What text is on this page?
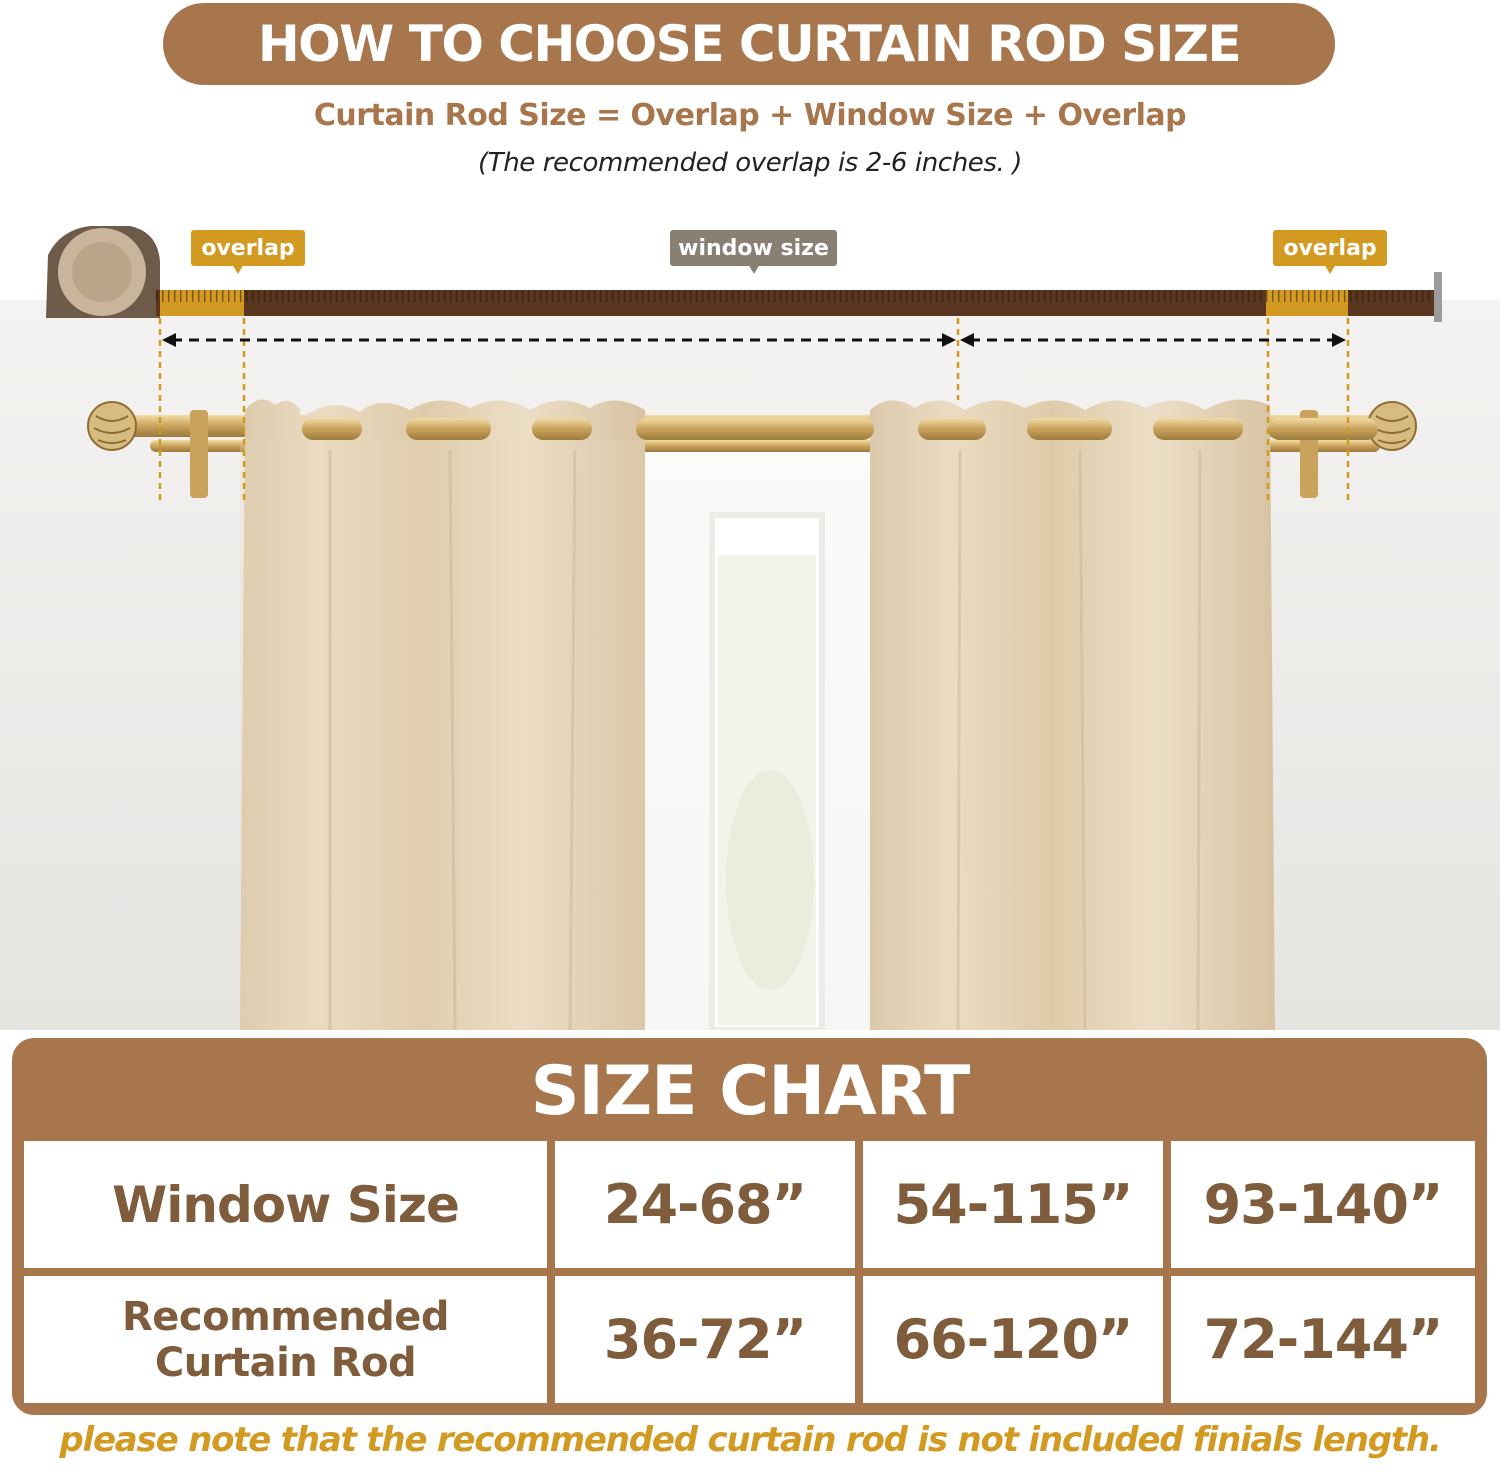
HOW TO CHOOSE CURTAIN ROD SIZE
Curtain Rod Size = Overlap + Window Size + Overlap
(The recommended overlap is 2-6 inches. )
overlap	window size	overlap
SIZE CHART
Window Size	24-68”	54-115”	93-140”
Recommended
Curtain Rod	36-72”	66-120”	72-144”
please note that the recommended curtain rod is not included finials length.
